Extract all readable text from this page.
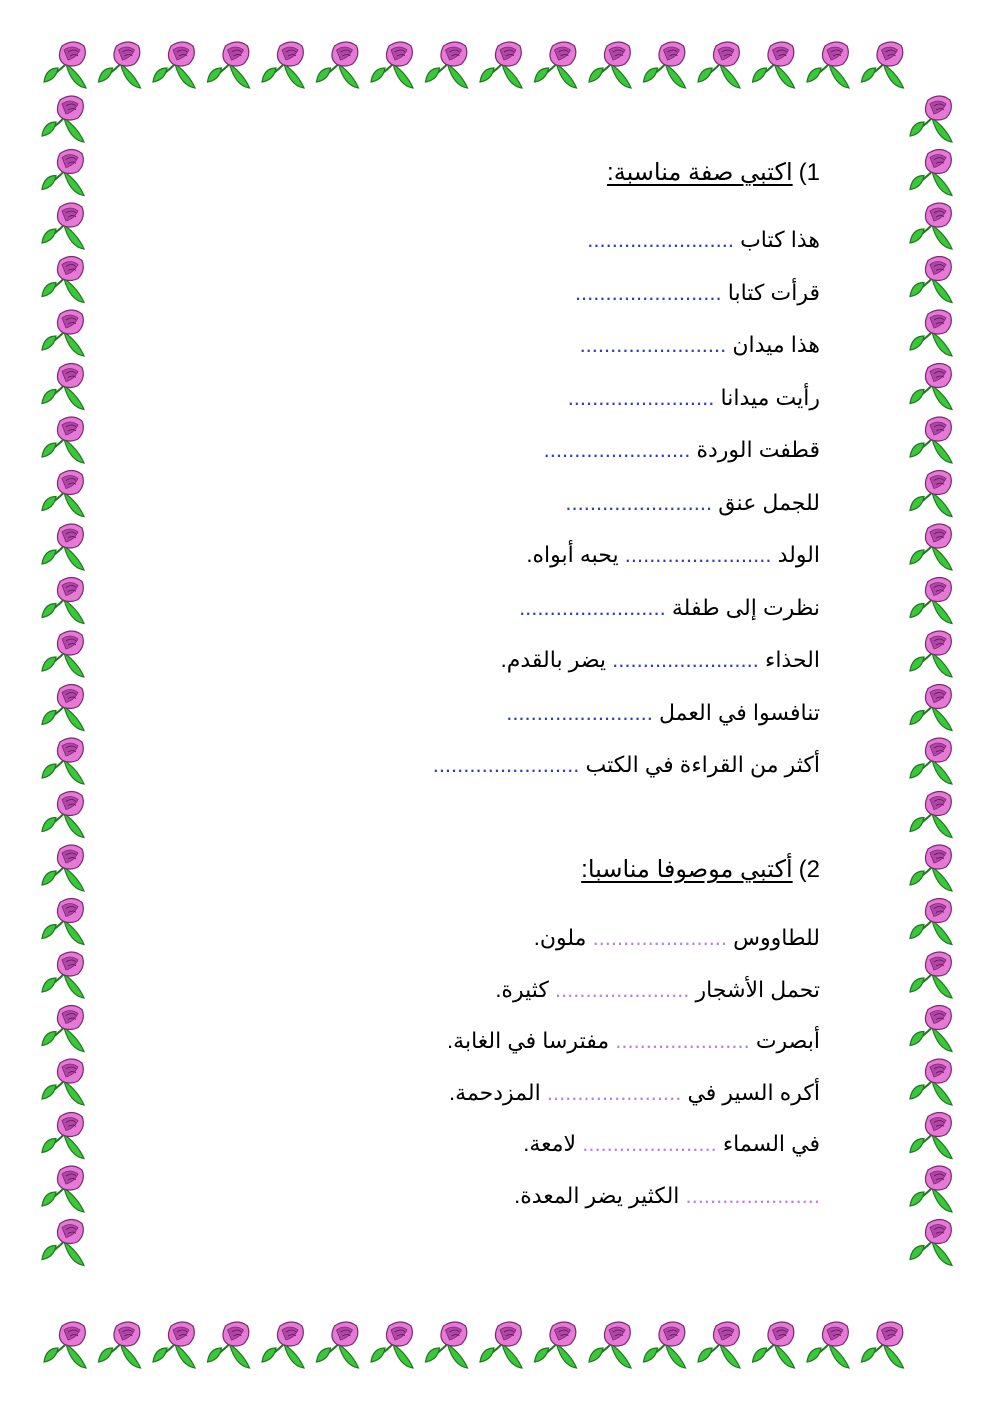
1)اكتبي صفة مناسبة:
هذا كتاب ........................
قرأت كتابا ........................
هذا ميدان ........................
رأيت ميدانا ........................
قطفت الوردة ........................
للجمل عنق ........................
الولد ........................ يحبه أبواه.
نظرت إلى طفلة ........................
الحذاء ........................ يضر بالقدم.
تنافسوا في العمل ........................
أكثر من القراءة في الكتب ........................
2)أكتبي موصوفا مناسبا:
للطاووس ...................... ملون.
تحمل الأشجار ...................... كثيرة.
أبصرت ...................... مفترسا في الغابة.
أكره السير في ...................... المزدحمة.
في السماء ...................... لامعة.
...................... الكثير يضر المعدة.
